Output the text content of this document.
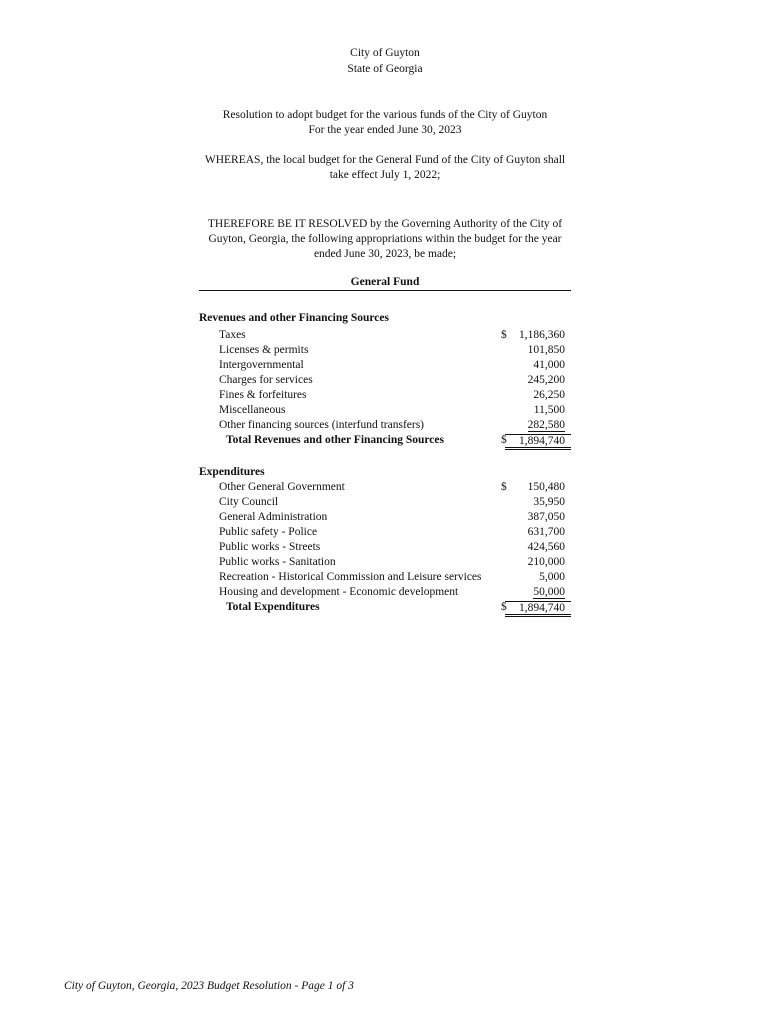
City of Guyton
State of Georgia
Resolution to adopt budget for the various funds of the City of Guyton
For the year ended June 30, 2023
WHEREAS, the local budget for the General Fund of the City of Guyton shall
take effect July 1, 2022;
THEREFORE BE IT RESOLVED by the Governing Authority of the City of
Guyton, Georgia, the following appropriations within the budget for the year
ended June 30, 2023, be made;
General Fund
Revenues and other Financing Sources
Taxes	$ 1,186,360
Licenses & permits	101,850
Intergovernmental	41,000
Charges for services	245,200
Fines & forfeitures	26,250
Miscellaneous	11,500
Other financing sources (interfund transfers)	282,580
Total Revenues and other Financing Sources	$	1,894,740
Expenditures
Other General Government	$ 150,480
City Council	35,950
General Administration	387,050
Public safety - Police	631,700
Public works - Streets	424,560
Public works - Sanitation	210,000
Recreation - Historical Commission and Leisure services	5,000
Housing and development - Economic development	50,000
Total Expenditures	$	1,894,740
City of Guyton, Georgia, 2023 Budget Resolution - Page 1 of 3
